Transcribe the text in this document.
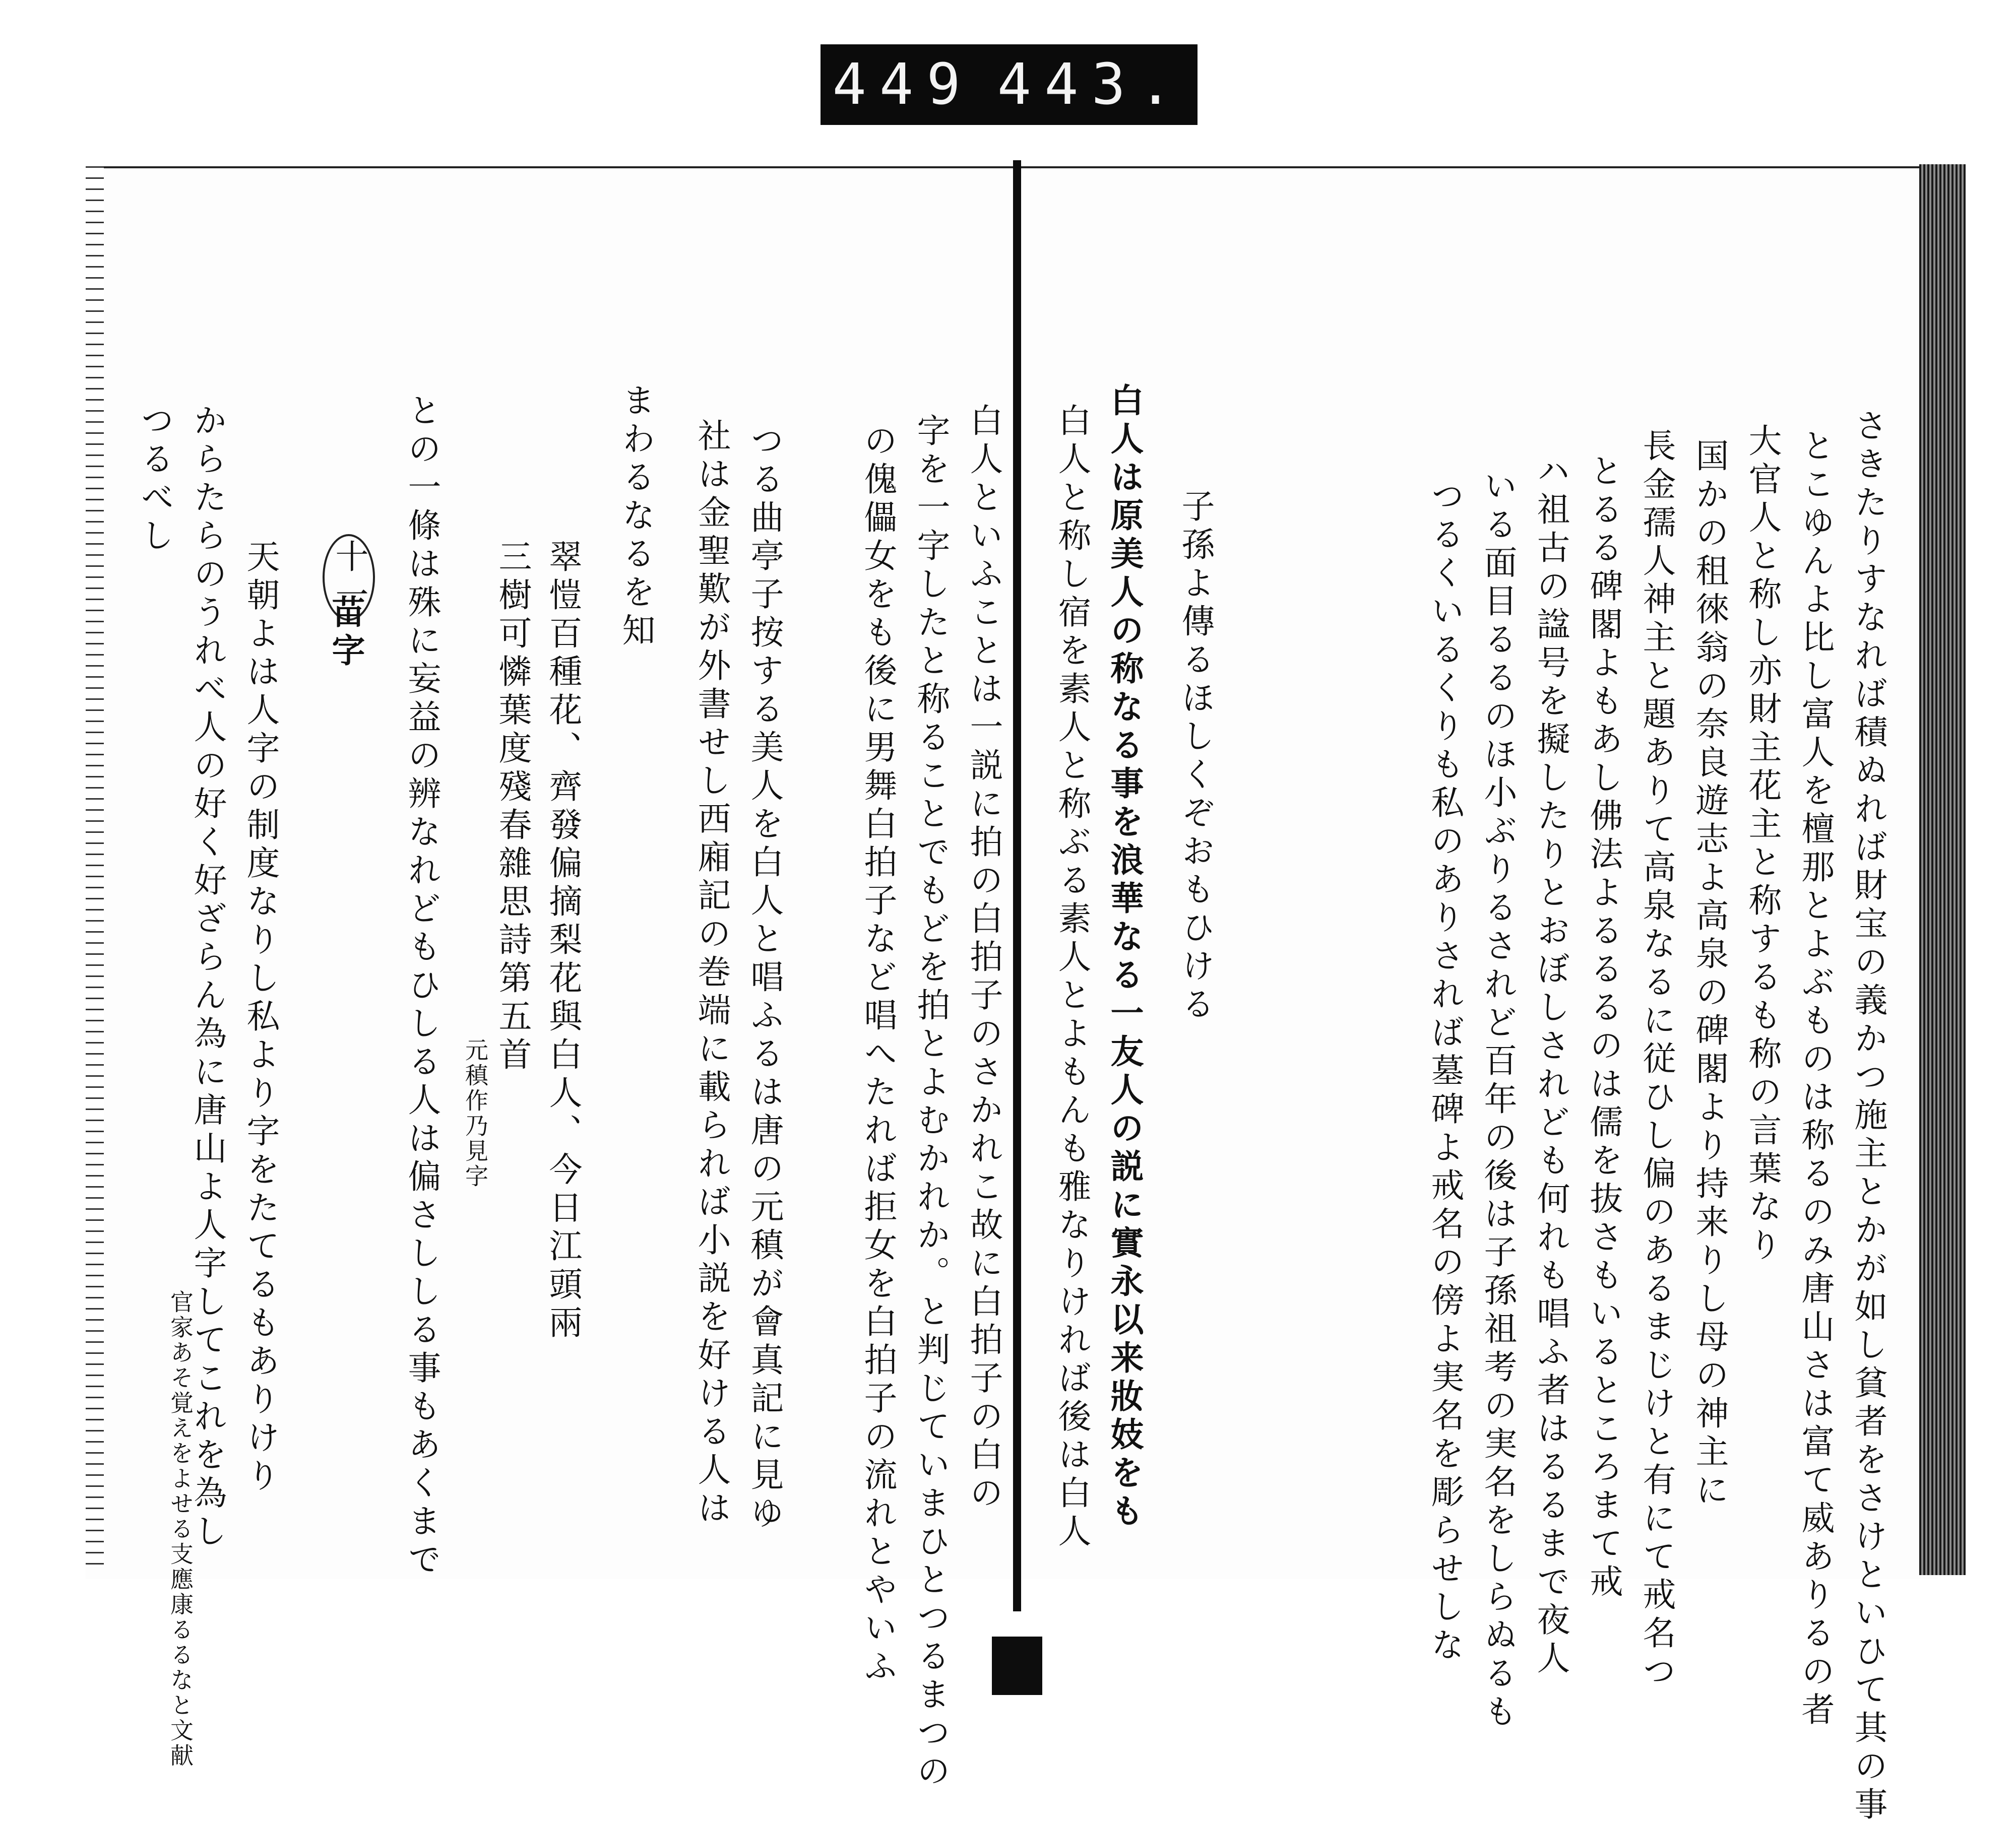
449 443.
さきたりすなれば積ぬれば財宝の義かつ施主とかが如し貧者をさけといひて其の事
とこゆんよ比し富人を檀那とよぶものは称るのみ唐山さは富て威ありるの者
大官人と称し亦財主花主と称するも称の言葉なり
国かの租徠翁の奈良遊志よ高泉の碑閣より持来りし母の神主に
長金孺人神主と題ありて高泉なるに従ひし偏のあるまじけと有にて戒名つ
とるる碑閣よもあし佛法よるるるのは儒を抜さもいるところまて戒
ハ祖古の諡号を擬したりとおぼしされども何れも唱ふ者はるるまで夜人
いる面目るるのほ小ぶりるされど百年の後は子孫祖考の実名をしらぬるも
つるくいるくりも私のありされば墓碑よ戒名の傍よ実名を彫らせしな
子孫よ傳るほしくぞおもひける
白人は原美人の称なる事を浪華なる一友人の説に實永以来妝妓をも
白人と称し宿を素人と称ぶる素人とよもんも雅なりければ後は白人
白人といふことは一説に拍の白拍子のさかれこ故に白拍子の白の
字を一字したと称ることでもどを拍とよむかれか。と判じていまひとつるまつの
の傀儡女をも後に男舞白拍子など唱へたれば拒女を白拍子の流れとやいふ
つる曲亭子按する美人を白人と唱ふるは唐の元稹が會真記に見ゆ
社は金聖歎が外書せし西廂記の巻端に載られば小説を好ける人は
まわるなるを知
翠愷百種花、齊發偏摘梨花與白人、今日江頭兩
三樹可憐葉度殘春雜思詩第五首
元稹作乃見字
との一條は殊に妄益の辨なれどもひしる人は偏さししる事もあくまで
十一
苗字
天朝よは人字の制度なりし私より字をたてるもありけり
からたらのうれべ人の好く好ざらん為に唐山よ人字してこれを為し
つるべし
官家あそ覚えをよせる支應康るるなと文献
